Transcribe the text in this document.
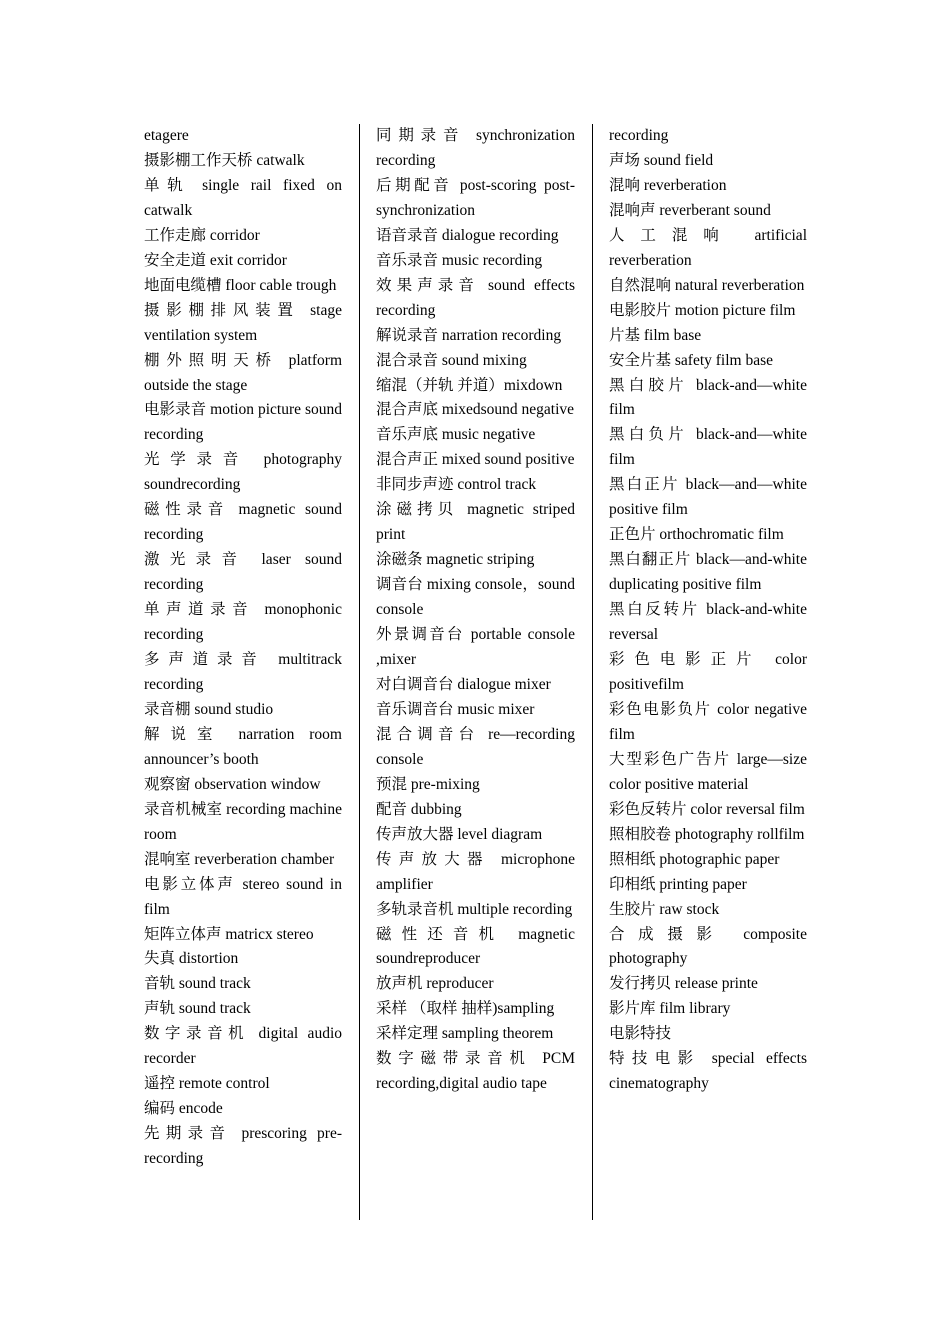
etagere

摄影棚工作天桥 catwalk

单轨 single rail fixed on catwalk

工作走廊 corridor

安全走道 exit corridor

地面电缆槽 floor cable trough

摄影棚排风装置 stage ventilation system

棚外照明天桥 platform outside the stage

电影录音 motion picture sound recording

光学录音 photography soundrecording

磁性录音 magnetic sound recording

激光录音 laser sound recording

单声道录音 monophonic recording

多声道录音 multitrack recording

录音棚 sound studio

解说室 narration room announcer’s booth

观察窗 observation window

录音机械室 recording machine room

混响室 reverberation chamber

电影立体声 stereo sound in film

矩阵立体声 matricx stereo

失真 distortion

音轨 sound track

声轨 sound track

数字录音机 digital audio recorder

遥控 remote control

编码 encode

先期录音 prescoring pre-recording

同期录音 synchronization recording

后期配音 post-scoring post-synchronization

语音录音 dialogue recording

音乐录音 music recording

效果声录音 sound effects recording

解说录音 narration recording

混合录音 sound mixing

缩混（并轨 并道）mixdown

混合声底 mixedsound negative

音乐声底 music negative

混合声正 mixed sound positive

非同步声迹 control track

涂磁拷贝 magnetic striped print

涂磁条 magnetic striping

调音台 mixing console，sound console

外景调音台 portable console ,mixer

对白调音台 dialogue mixer

音乐调音台 music mixer

混合调音台 re—recording console

预混 pre-mixing

配音 dubbing

传声放大器 level diagram

传声放大器 microphone amplifier

多轨录音机 multiple recording

磁性还音机 magnetic soundreproducer

放声机 reproducer

采样 （取样 抽样)sampling

采样定理 sampling theorem

数字磁带录音机 PCM recording,digital audio tape

recording

声场 sound field

混响 reverberation

混响声 reverberant sound

人工混响 artificial reverberation

自然混响 natural reverberation

电影胶片 motion picture film

片基 film base

安全片基 safety film base

黑白胶片 black-and—white film

黑白负片 black-and—white film

黑白正片 black—and—white positive film

正色片 orthochromatic film

黑白翻正片 black—and-white duplicating positive film

黑白反转片 black-and-white reversal

彩色电影正片 color positivefilm

彩色电影负片 color negative film

大型彩色广告片 large—size color positive material

彩色反转片 color reversal film

照相胶卷 photography rollfilm

照相纸 photographic paper

印相纸 printing paper

生胶片 raw stock

合成摄影 composite photography

发行拷贝 release printe

影片库 film library

电影特技

特技电影 special effects cinematography
